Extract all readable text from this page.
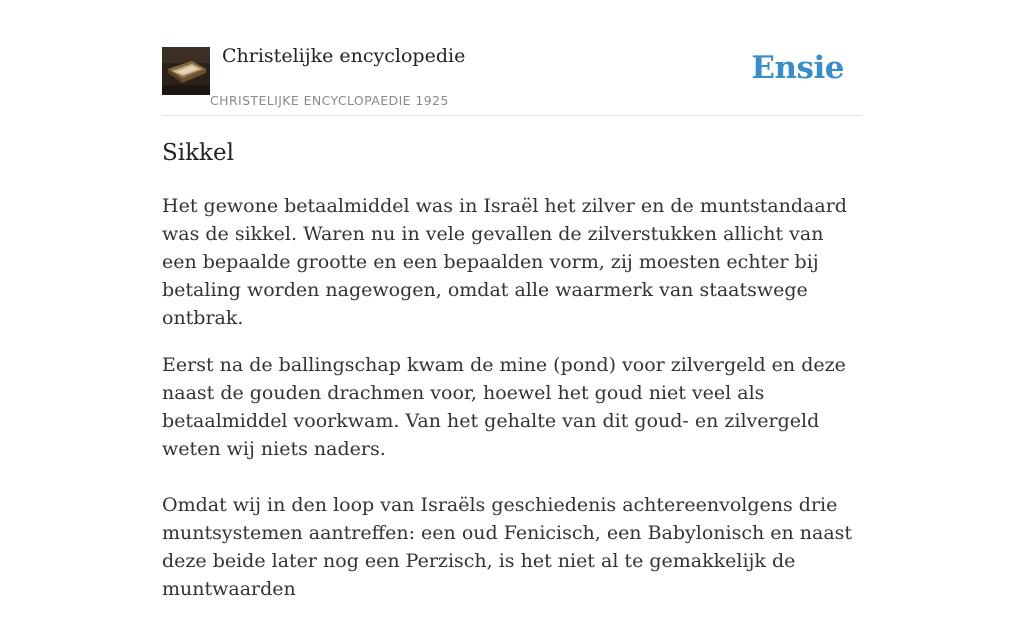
Christelijke encyclopedie
CHRISTELIJKE ENCYCLOPAEDIE 1925
Ensie
Sikkel

Het gewone betaalmiddel was in Israël het zilver en de muntstandaard was de sikkel. Waren nu in vele gevallen de zilverstukken allicht van een bepaalde grootte en een bepaalden vorm, zij moesten echter bij betaling worden nagewogen, omdat alle waarmerk van staatswege ontbrak.

Eerst na de ballingschap kwam de mine (pond) voor zilvergeld en deze naast de gouden drachmen voor, hoewel het goud niet veel als betaalmiddel voorkwam. Van het gehalte van dit goud- en zilvergeld weten wij niets naders.

Omdat wij in den loop van Israëls geschiedenis achtereenvolgens drie muntsystemen aantreffen: een oud Fenicisch, een Babylonisch en naast deze beide later nog een Perzisch, is het niet al te gemakkelijk de muntwaarden
